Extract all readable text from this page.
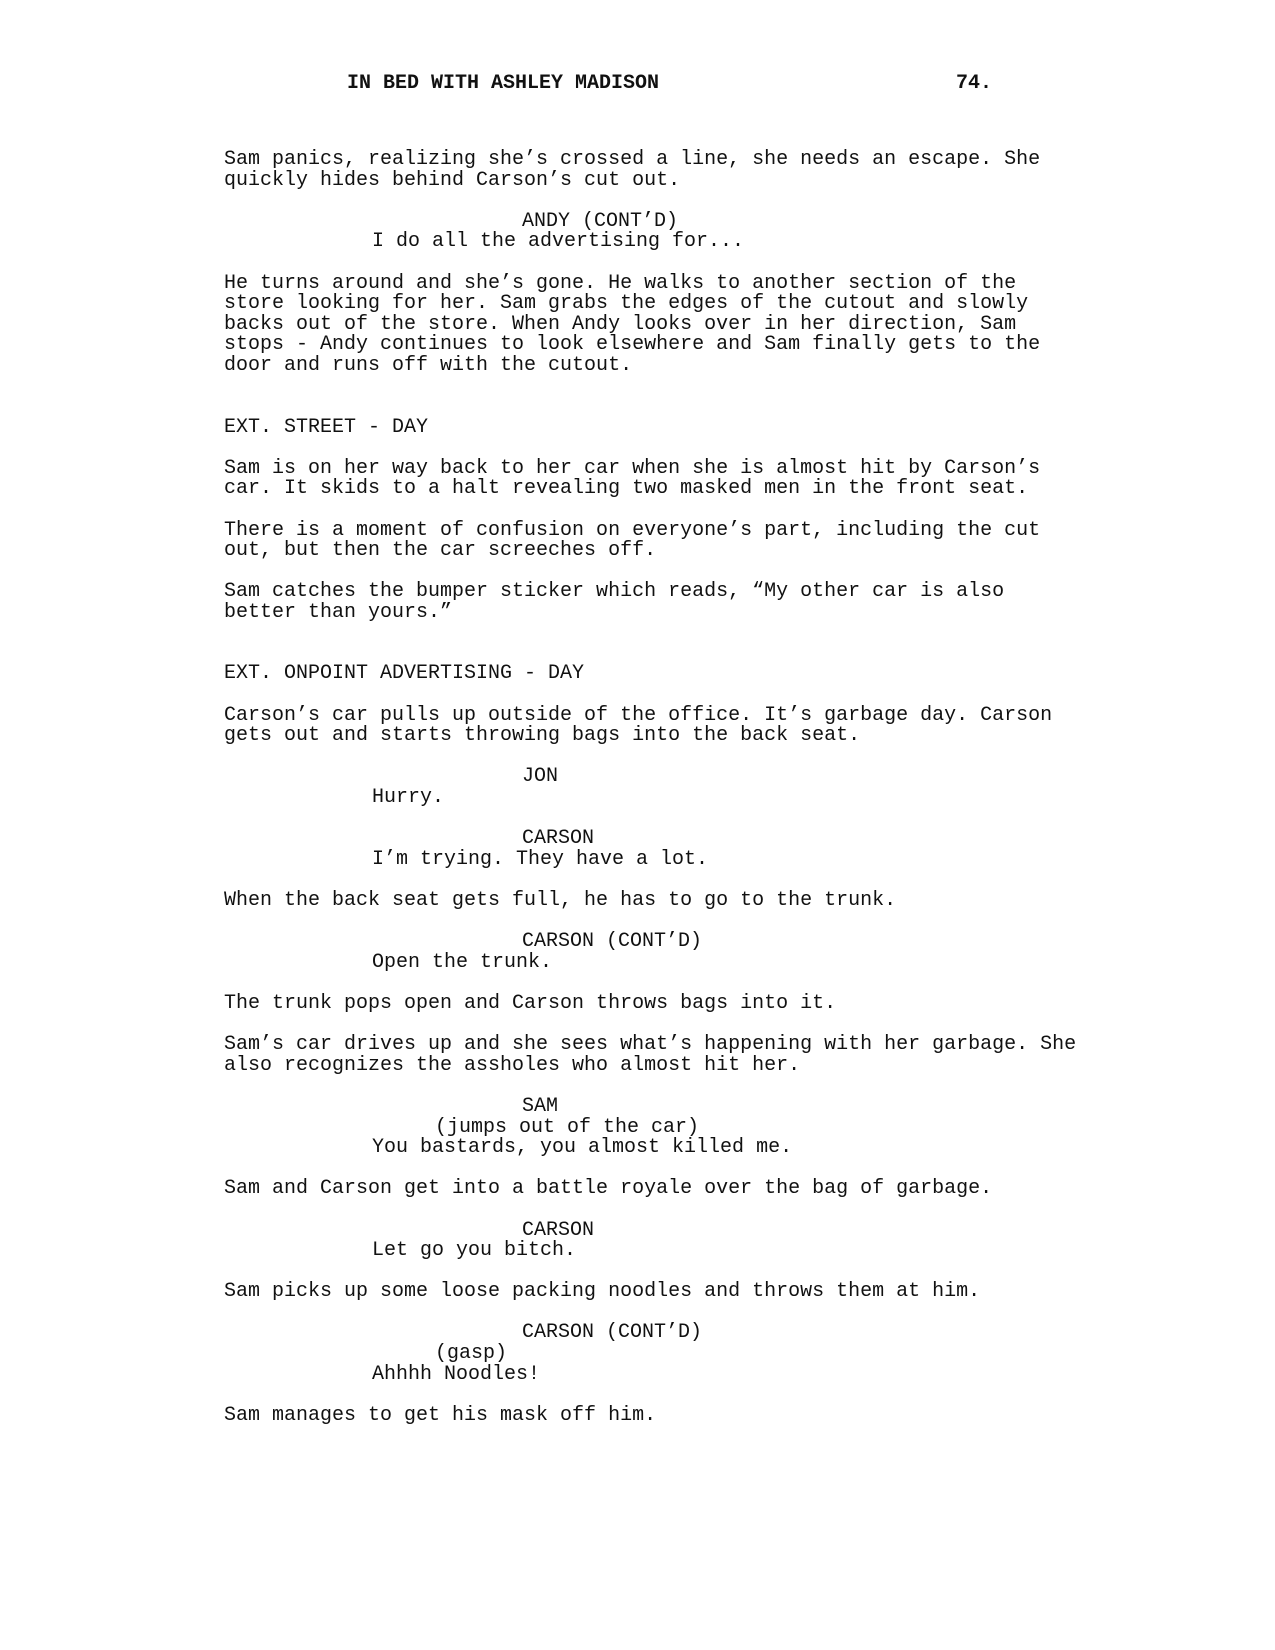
IN BED WITH ASHLEY MADISON	74.
Sam panics, realizing she’s crossed a line, she needs an escape. She
quickly hides behind Carson’s cut out.
ANDY (CONT’D)
I do all the advertising for...
He turns around and she’s gone. He walks to another section of the
store looking for her. Sam grabs the edges of the cutout and slowly
backs out of the store. When Andy looks over in her direction, Sam
stops - Andy continues to look elsewhere and Sam finally gets to the
door and runs off with the cutout.
EXT. STREET - DAY
Sam is on her way back to her car when she is almost hit by Carson’s
car. It skids to a halt revealing two masked men in the front seat.
There is a moment of confusion on everyone’s part, including the cut
out, but then the car screeches off.
Sam catches the bumper sticker which reads, “My other car is also
better than yours.”
EXT. ONPOINT ADVERTISING - DAY
Carson’s car pulls up outside of the office. It’s garbage day. Carson
gets out and starts throwing bags into the back seat.
JON
Hurry.
CARSON
I’m trying. They have a lot.
When the back seat gets full, he has to go to the trunk.
CARSON (CONT’D)
Open the trunk.
The trunk pops open and Carson throws bags into it.
Sam’s car drives up and she sees what’s happening with her garbage. She
also recognizes the assholes who almost hit her.
SAM
(jumps out of the car)
You bastards, you almost killed me.
Sam and Carson get into a battle royale over the bag of garbage.
CARSON
Let go you bitch.
Sam picks up some loose packing noodles and throws them at him.
CARSON (CONT’D)
(gasp)
Ahhhh Noodles!
Sam manages to get his mask off him.
